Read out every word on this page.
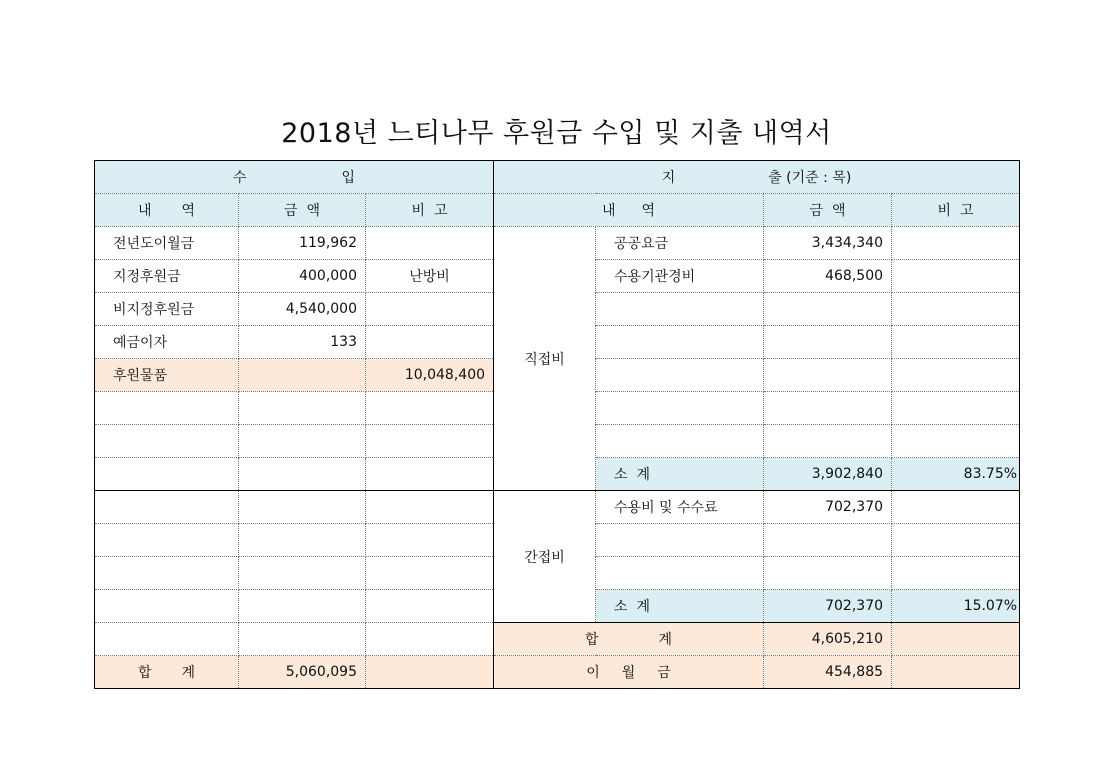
2018년 느티나무 후원금 수입 및 지출 내역서
수 입			지 출 (기준 : 목)			
내 역	금  액	비  고	내 역		금  액	비  고
전년도이월금	119,962		직접비	공공요금	3,434,340	
지정후원금	400,000	난방비		수용기관경비	468,500	
비지정후원금	4,540,000					
예금이자	133					
후원물품		10,048,400				

				소  계	3,902,840	83.75%
			간접비	수용비 및 수수료	702,370	

				소  계	702,370	15.07%
			합 계		4,605,210	
합 계	5,060,095		이 월 금		454,885	
